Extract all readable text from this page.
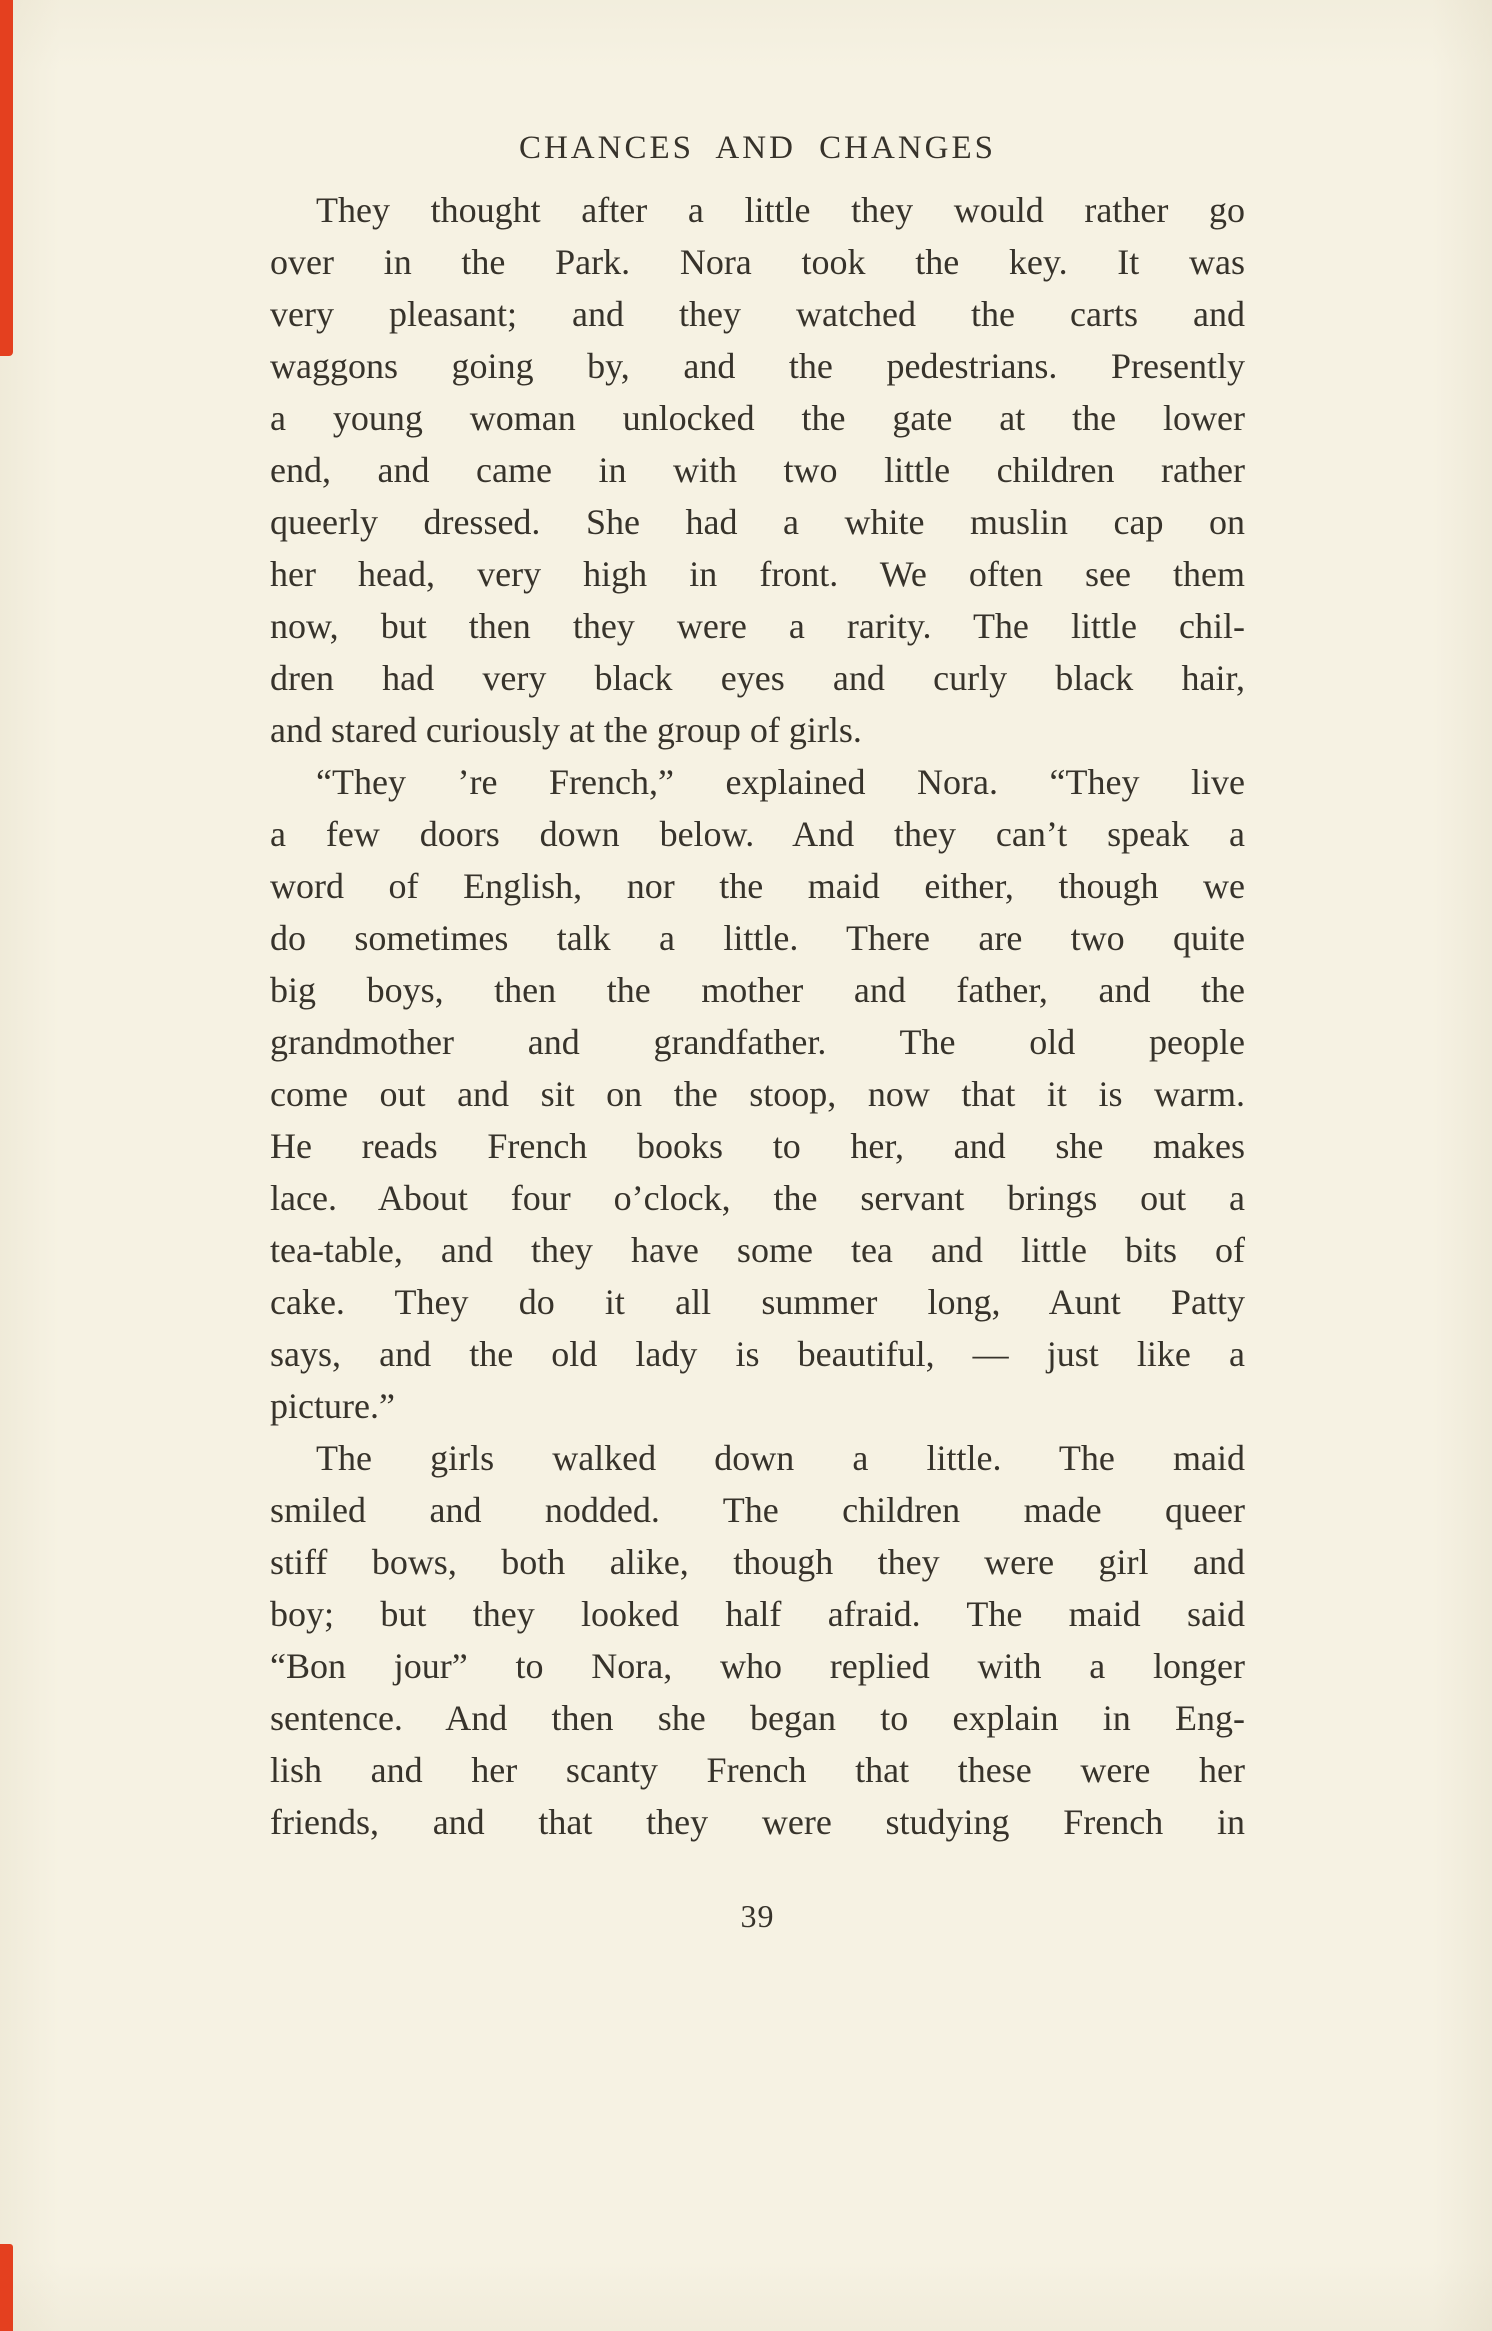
CHANCES AND CHANGES
They thought after a little they would rather go
over in the Park. Nora took the key. It was
very pleasant; and they watched the carts and
waggons going by, and the pedestrians. Presently
a young woman unlocked the gate at the lower
end, and came in with two little children rather
queerly dressed. She had a white muslin cap on
her head, very high in front. We often see them
now, but then they were a rarity. The little chil-
dren had very black eyes and curly black hair,
and stared curiously at the group of girls.
“They ’re French,” explained Nora. “They live
a few doors down below. And they can’t speak a
word of English, nor the maid either, though we
do sometimes talk a little. There are two quite
big boys, then the mother and father, and the
grandmother and grandfather. The old people
come out and sit on the stoop, now that it is warm.
He reads French books to her, and she makes
lace. About four o’clock, the servant brings out a
tea-table, and they have some tea and little bits of
cake. They do it all summer long, Aunt Patty
says, and the old lady is beautiful, — just like a
picture.”
The girls walked down a little. The maid
smiled and nodded. The children made queer
stiff bows, both alike, though they were girl and
boy; but they looked half afraid. The maid said
“Bon jour” to Nora, who replied with a longer
sentence. And then she began to explain in Eng-
lish and her scanty French that these were her
friends, and that they were studying French in
39
